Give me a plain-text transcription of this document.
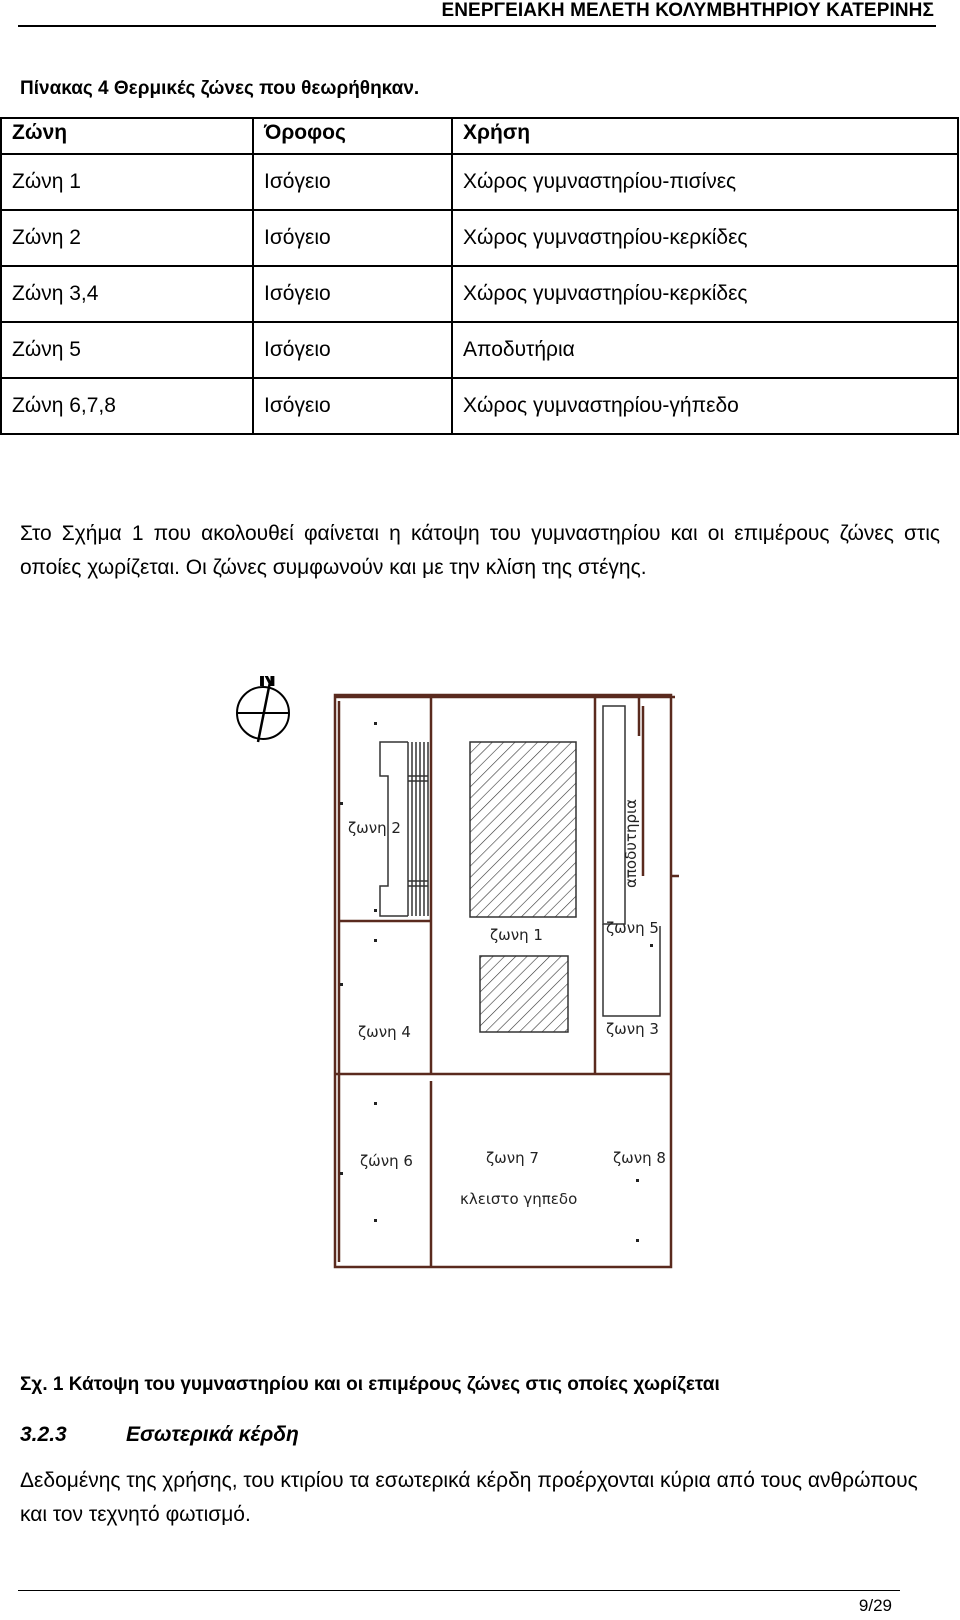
ΕΝΕΡΓΕΙΑΚΗ ΜΕΛΕΤΗ ΚΟΛΥΜΒΗΤΗΡΙΟΥ ΚΑΤΕΡΙΝΗΣ
Πίνακας 4 Θερμικές ζώνες που θεωρήθηκαν.
Ζώνη	Όροφος	Χρήση
Ζώνη 1	Ισόγειο	Χώρος γυμναστηρίου-πισίνες
Ζώνη 2	Ισόγειο	Χώρος γυμναστηρίου-κερκίδες
Ζώνη 3,4	Ισόγειο	Χώρος γυμναστηρίου-κερκίδες
Ζώνη 5	Ισόγειο	Αποδυτήρια
Ζώνη 6,7,8	Ισόγειο	Χώρος γυμναστηρίου-γήπεδο
Στο Σχήμα 1 που ακολουθεί φαίνεται η κάτοψη του γυμναστηρίου και οι επιμέρους ζώνες στις οποίες χωρίζεται. Οι ζώνες συμφωνούν και με την κλίση της στέγης.
N
ζωνη 2
ζωνη 1
αποδυτηρια
ζωνη 5
ζωνη 4	ζωνη 3
ζώνη 6	ζωνη 7	ζωνη 8
κλειστο γηπεδο
Σχ. 1 Κάτοψη του γυμναστηρίου και οι επιμέρους ζώνες στις οποίες χωρίζεται
3.2.3	Εσωτερικά κέρδη
Δεδομένης της χρήσης, του κτιρίου τα εσωτερικά κέρδη προέρχονται κύρια από τους ανθρώπους και τον τεχνητό φωτισμό.
9/29
